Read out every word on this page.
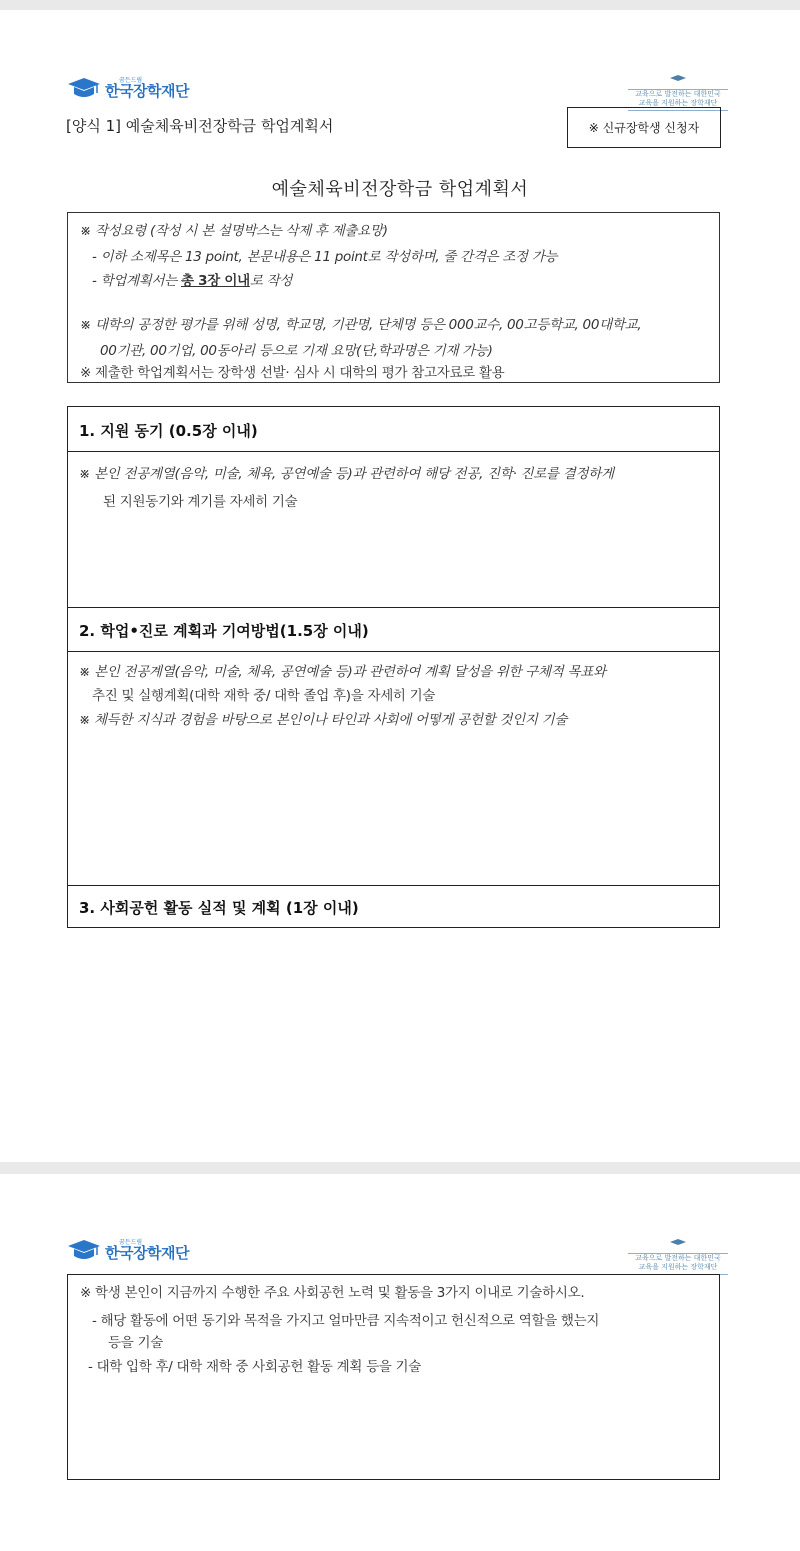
꿈든드림
한국장학재단	교육으로 발전하는 대한민국
교육을 지원하는 장학재단
[양식 1] 예술체육비전장학금 학업계획서	※ 신규장학생 신청자
예술체육비전장학금 학업계획서
※ 작성요령 (작성 시 본 설명박스는 삭제 후 제출요망)
- 이하 소제목은 13 point, 본문내용은 11 point로 작성하며, 줄 간격은 조정 가능
- 학업계획서는 총 3장 이내로 작성
※ 대학의 공정한 평가를 위해 성명, 학교명, 기관명, 단체명 등은 000교수, 00고등학교, 00대학교,
00기관, 00기업, 00동아리 등으로 기재 요망(단,학과명은 기재 가능)
※ 제출한 학업계획서는 장학생 선발· 심사 시 대학의 평가 참고자료로 활용
1. 지원 동기 (0.5장 이내)
※ 본인 전공계열(음악, 미술, 체육, 공연예술 등)과 관련하여 해당 전공, 진학· 진로를 결정하게
된 지원동기와 계기를 자세히 기술
2. 학업•진로 계획과 기여방법(1.5장 이내)
※ 본인 전공계열(음악, 미술, 체육, 공연예술 등)과 관련하여 계획 달성을 위한 구체적 목표와
추진 및 실행계획(대학 재학 중/ 대학 졸업 후)을 자세히 기술
※ 체득한 지식과 경험을 바탕으로 본인이나 타인과 사회에 어떻게 공헌할 것인지 기술
3. 사회공헌 활동 실적 및 계획 (1장 이내)
꿈든드림
한국장학재단	교육으로 발전하는 대한민국
교육을 지원하는 장학재단
※ 학생 본인이 지금까지 수행한 주요 사회공헌 노력 및 활동을 3가지 이내로 기술하시오.
- 해당 활동에 어떤 동기와 목적을 가지고 얼마만큼 지속적이고 헌신적으로 역할을 했는지
등을 기술
- 대학 입학 후/ 대학 재학 중 사회공헌 활동 계획 등을 기술
